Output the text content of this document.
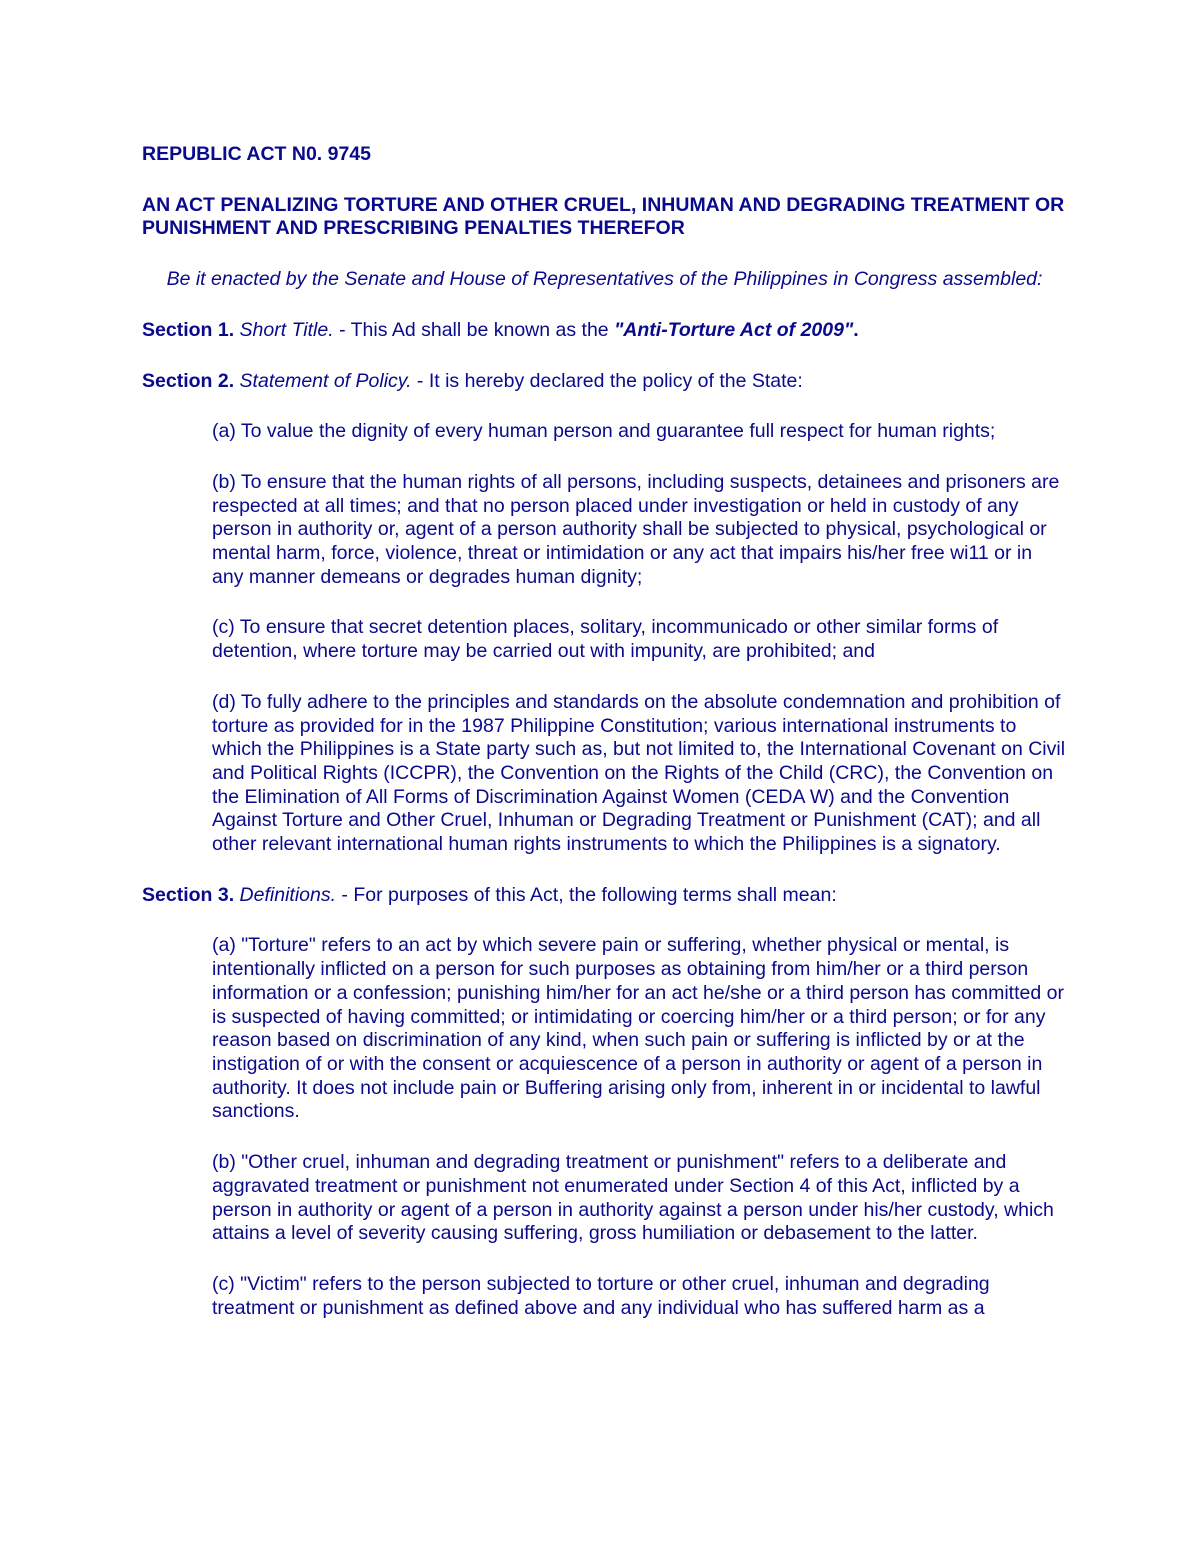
REPUBLIC ACT N0. 9745

AN ACT PENALIZING TORTURE AND OTHER CRUEL, INHUMAN AND DEGRADING TREATMENT OR PUNISHMENT AND PRESCRIBING PENALTIES THEREFOR

Be it enacted by the Senate and House of Representatives of the Philippines in Congress assembled:

Section 1. Short Title. - This Ad shall be known as the "Anti-Torture Act of 2009".

Section 2. Statement of Policy. - It is hereby declared the policy of the State:

(a) To value the dignity of every human person and guarantee full respect for human rights;

(b) To ensure that the human rights of all persons, including suspects, detainees and prisoners are respected at all times; and that no person placed under investigation or held in custody of any person in authority or, agent of a person authority shall be subjected to physical, psychological or mental harm, force, violence, threat or intimidation or any act that impairs his/her free wi11 or in any manner demeans or degrades human dignity;

(c) To ensure that secret detention places, solitary, incommunicado or other similar forms of detention, where torture may be carried out with impunity, are prohibited; and

(d) To fully adhere to the principles and standards on the absolute condemnation and prohibition of torture as provided for in the 1987 Philippine Constitution; various international instruments to which the Philippines is a State party such as, but not limited to, the International Covenant on Civil and Political Rights (ICCPR), the Convention on the Rights of the Child (CRC), the Convention on the Elimination of All Forms of Discrimination Against Women (CEDA W) and the Convention Against Torture and Other Cruel, Inhuman or Degrading Treatment or Punishment (CAT); and all other relevant international human rights instruments to which the Philippines is a signatory.

Section 3. Definitions. - For purposes of this Act, the following terms shall mean:

(a) "Torture" refers to an act by which severe pain or suffering, whether physical or mental, is intentionally inflicted on a person for such purposes as obtaining from him/her or a third person information or a confession; punishing him/her for an act he/she or a third person has committed or is suspected of having committed; or intimidating or coercing him/her or a third person; or for any reason based on discrimination of any kind, when such pain or suffering is inflicted by or at the instigation of or with the consent or acquiescence of a person in authority or agent of a person in authority. It does not include pain or Buffering arising only from, inherent in or incidental to lawful sanctions.

(b) "Other cruel, inhuman and degrading treatment or punishment" refers to a deliberate and aggravated treatment or punishment not enumerated under Section 4 of this Act, inflicted by a person in authority or agent of a person in authority against a person under his/her custody, which attains a level of severity causing suffering, gross humiliation or debasement to the latter.

(c) "Victim" refers to the person subjected to torture or other cruel, inhuman and degrading treatment or punishment as defined above and any individual who has suffered harm as a
